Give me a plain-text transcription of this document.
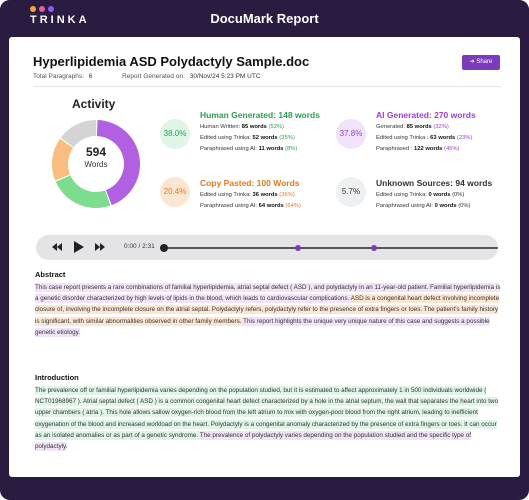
TRINKA	DocuMark Report
Hyperlipidemia ASD Polydactyly Sample.doc
Total Paragraphs: 6	Report Generated on: 30/Nov/24 5:23 PM UTC
➔ Share
Activity
594
Words
38.0%
Human Generated: 148 words
Human Written: 85 words (52%)
Edited using Trinka: 52 words (35%)
Paraphrased using AI: 11 words (8%)
37.8%
AI Generated: 270 words
Generated: 85 words (32%)
Edited using Trinka : 63 words (23%)
Paraphrased : 122 words (45%)
20.4%
Copy Pasted: 100 Words
Edited using Trinka: 36 words (36%)
Paraphrased using AI: 64 words (64%)
5.7%
Unknown Sources: 94 words
Edited using Trinka: 0 words (0%)
Paraphrased using AI: 0 words (0%)
0:00 / 2:31
Abstract
This case report presents a rare combinations of familial hyperlipidemia, atrial septal defect ( ASD ), and polydactyly in an 11-year-old patient. Familial hyperlipidemia is a genetic disorder characterized by high levels of lipids in the blood, which leads to cardiovascular complications. ASD is a congenital heart defect involving incomplete closure of, involving the incomplete closure on the atrial septal. Polydactyly refers, polydactyly refer to the presence of extra fingers or toes. The patient's family history is significant, with similar abnormalities observed in other family members. This report highlights the unique very unique nature of this case and suggests a possible genetic etiology.
Introduction
The prevalence off or familial hyperlipidemia varies depending on the population studied, but it is estimated to affect approximately 1 in 500 individuals worldwide ( NCT01968967 ). Atrial septal defect ( ASD ) is a common congenital heart defect characterized by a hole in the atrial septum, the wall that separates the heart into two upper chambers ( atria ). This hole allows sallow oxygen-rich blood from the left atrium to mix with oxygen-poor blood from the right atrium, leading to inefficient oxygenation of the blood and increased workload on the heart. Polydactyly is a congenital anomaly characterized by the presence of extra fingers or toes. It can occur as an isolated anomalies or as part of a genetic syndrome. The prevalence of polydactyly varies depending on the population studied and the specific type of polydactyly.
